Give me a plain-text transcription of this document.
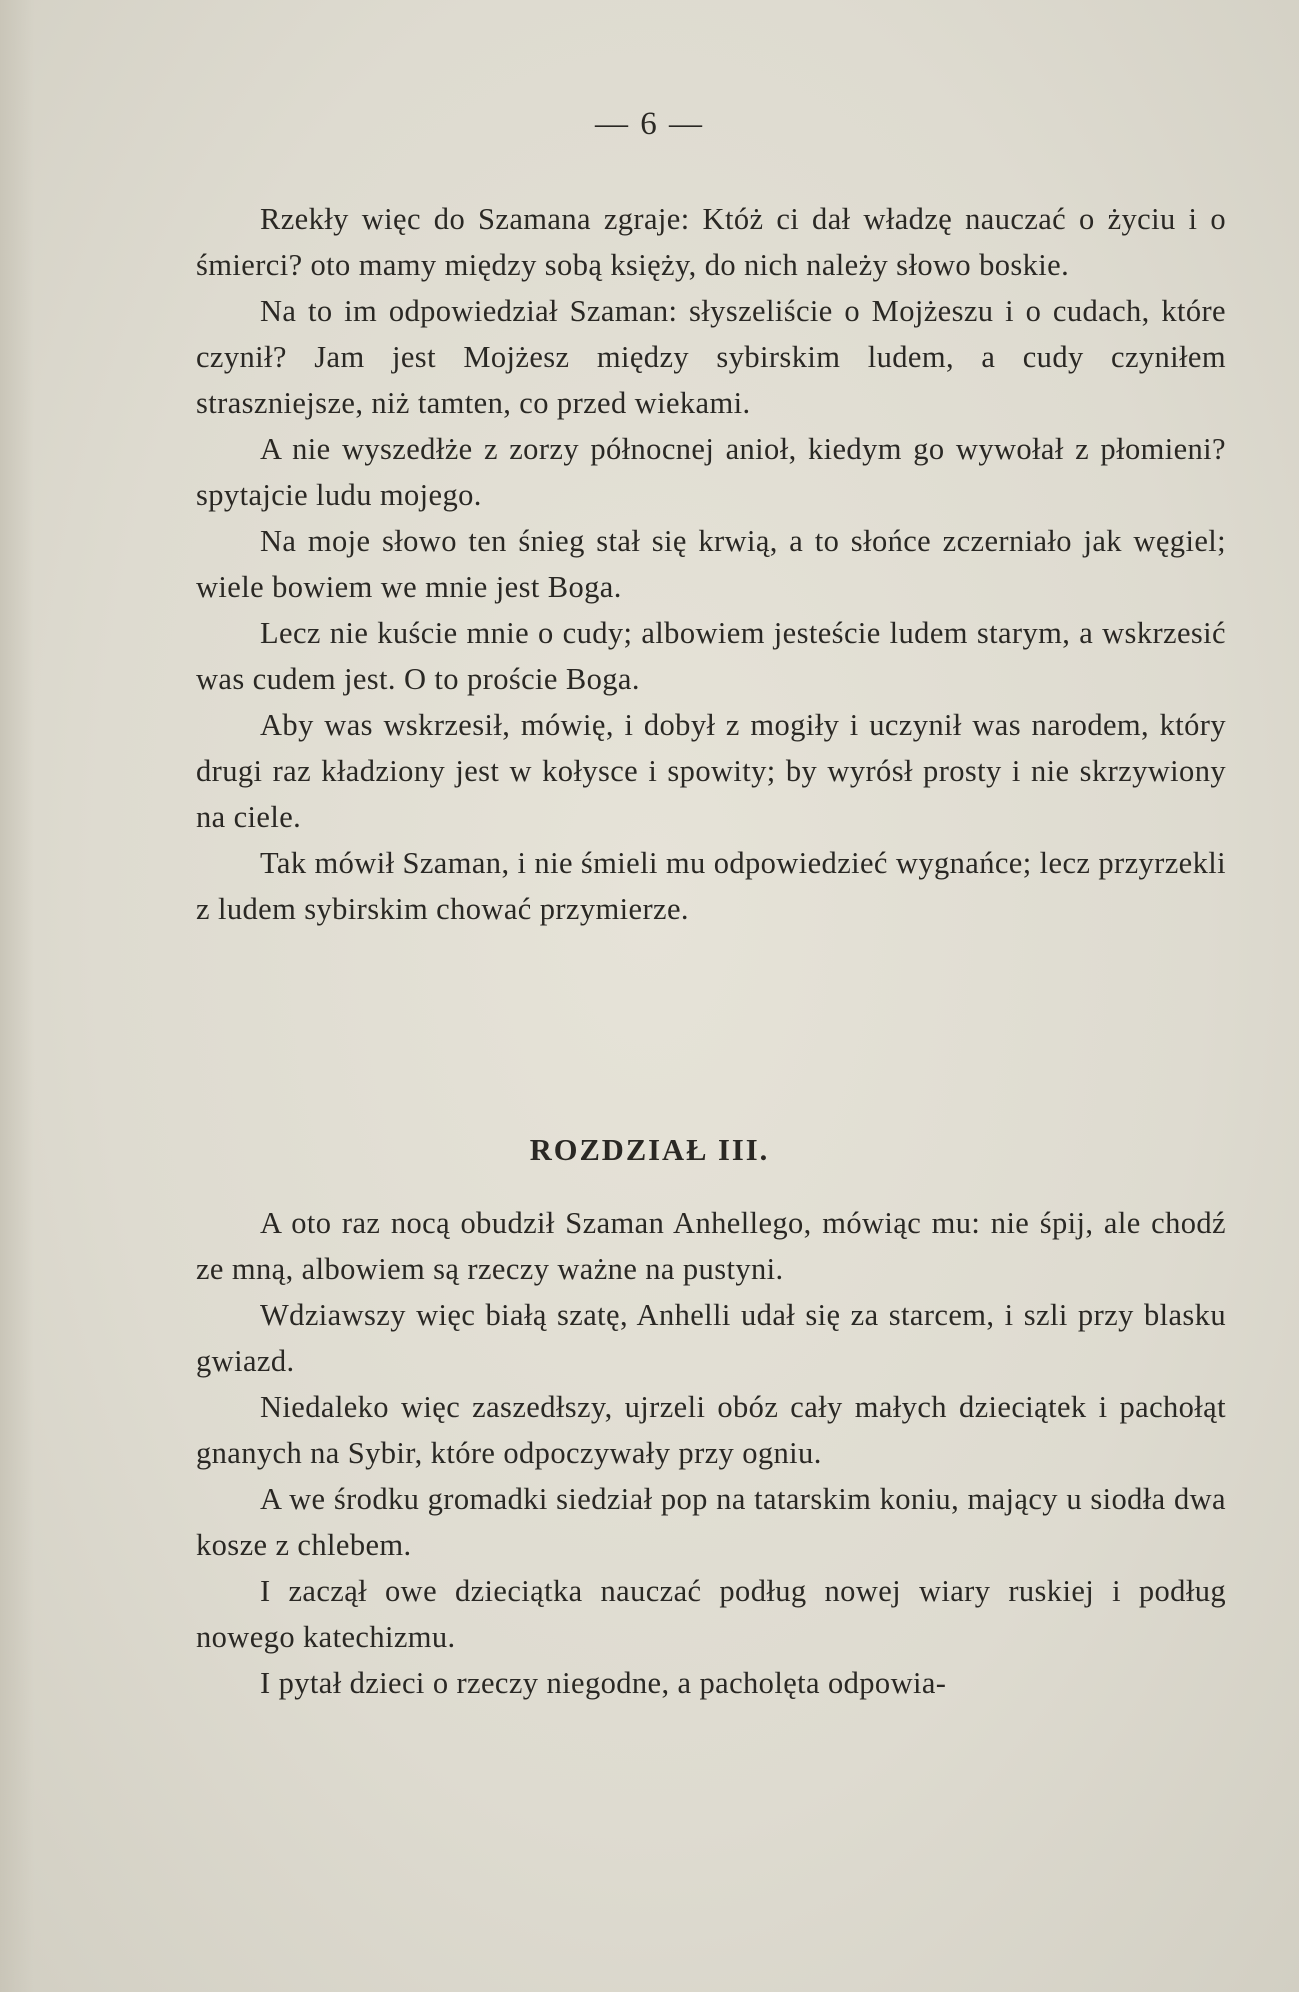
— 6 —

Rzekły więc do Szamana zgraje: Któż ci dał władzę nauczać o życiu i o śmierci? oto mamy między sobą księży, do nich należy słowo boskie.

Na to im odpowiedział Szaman: słyszeliście o Mojżeszu i o cudach, które czynił? Jam jest Mojżesz między sybirskim ludem, a cudy czyniłem straszniejsze, niż tamten, co przed wiekami.

A nie wyszedłże z zorzy północnej anioł, kiedym go wywołał z płomieni? spytajcie ludu mojego.

Na moje słowo ten śnieg stał się krwią, a to słońce zczerniało jak węgiel; wiele bowiem we mnie jest Boga.

Lecz nie kuście mnie o cudy; albowiem jesteście ludem starym, a wskrzesić was cudem jest. O to proście Boga.

Aby was wskrzesił, mówię, i dobył z mogiły i uczynił was narodem, który drugi raz kładziony jest w kołysce i spowity; by wyrósł prosty i nie skrzywiony na ciele.

Tak mówił Szaman, i nie śmieli mu odpowiedzieć wygnańce; lecz przyrzekli z ludem sybirskim chować przymierze.

ROZDZIAŁ III.

A oto raz nocą obudził Szaman Anhellego, mówiąc mu: nie śpij, ale chodź ze mną, albowiem są rzeczy ważne na pustyni.

Wdziawszy więc białą szatę, Anhelli udał się za starcem, i szli przy blasku gwiazd.

Niedaleko więc zaszedłszy, ujrzeli obóz cały małych dzieciątek i pachołąt gnanych na Sybir, które odpoczywały przy ogniu.

A we środku gromadki siedział pop na tatarskim koniu, mający u siodła dwa kosze z chlebem.

I zaczął owe dzieciątka nauczać podług nowej wiary ruskiej i podług nowego katechizmu.

I pytał dzieci o rzeczy niegodne, a pacholęta odpowia-
